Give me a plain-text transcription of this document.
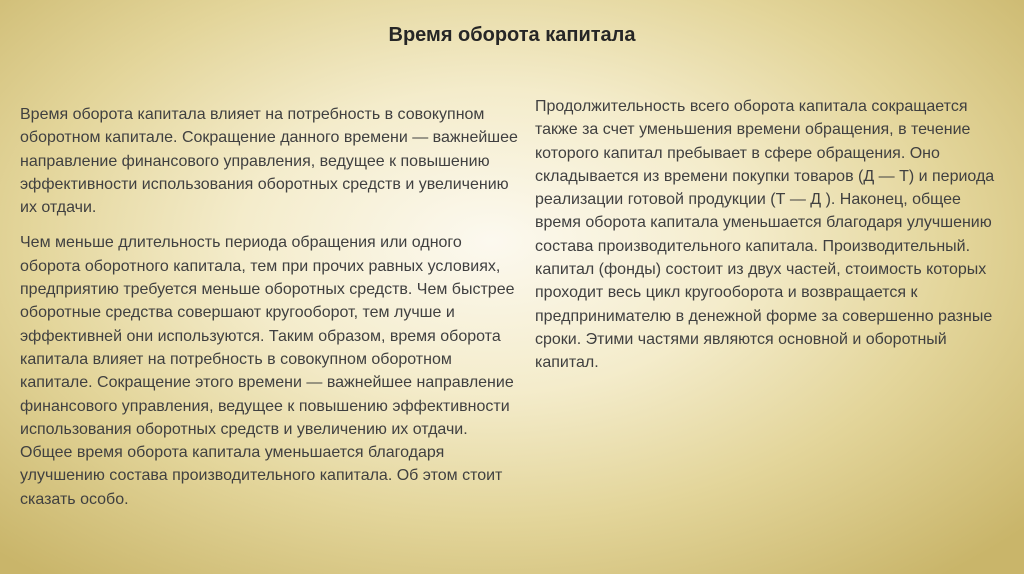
Время оборота капитала

Время оборота капитала влияет на потребность в совокупном оборотном капитале. Сокращение данного времени — важнейшее направление финансового управления, ведущее к повышению эффективности использования оборотных средств и увеличению их отдачи.

Чем меньше длительность периода обращения или одного оборота оборотного капитала, тем при прочих равных условиях, предприятию требуется меньше оборотных средств. Чем быстрее оборотные средства совершают кругооборот, тем лучше и эффективней они используются. Таким образом, время оборота капитала влияет на потребность в совокупном оборотном капитале. Сокращение этого времени — важнейшее направление финансового управления, ведущее к повышению эффективности использования оборотных средств и увеличению их отдачи.

Общее время оборота капитала уменьшается благодаря улучшению состава производительного капитала. Об этом стоит сказать особо.

Продолжительность всего оборота капитала сокращается также за счет уменьшения времени обращения, в течение которого капитал пребывает в сфере обращения. Оно складывается из времени покупки товаров (Д — Т) и периода реализации готовой продукции (Т — Д ). Наконец, общее время оборота капитала уменьшается благодаря улучшению состава производительного капитала. Производительный. капитал (фонды) состоит из двух частей, стоимость которых проходит весь цикл кругооборота и возвращается к предпринимателю в денежной форме за совершенно разные сроки. Этими частями являются основной и оборотный капитал.
